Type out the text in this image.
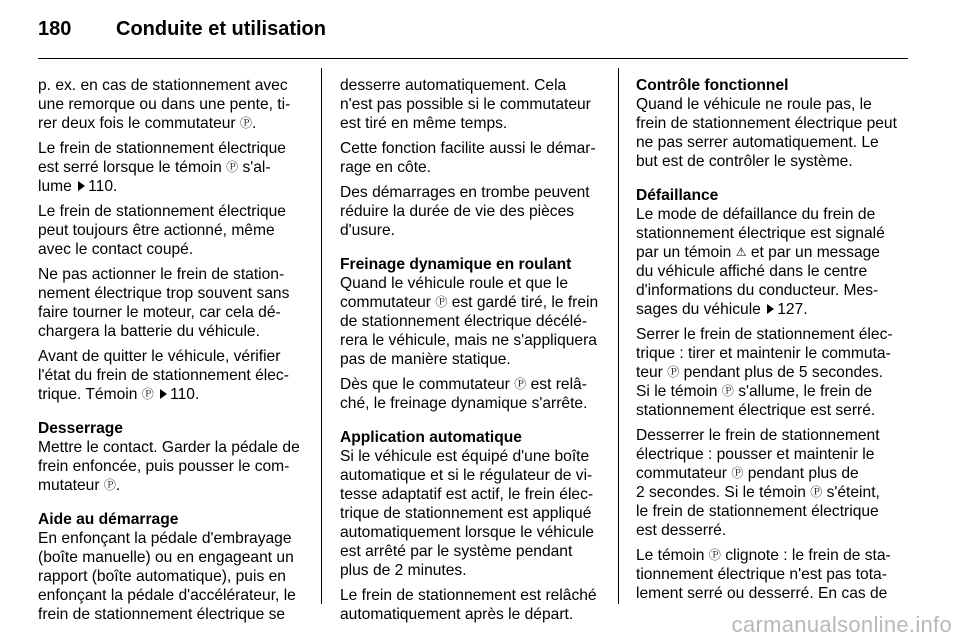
180	Conduite et utilisation
p. ex. en cas de stationnement avec
une remorque ou dans une pente, ti-
rer deux fois le commutateur Ⓟ.
Le frein de stationnement électrique
est serré lorsque le témoin Ⓟ s'al-
lume 110.
Le frein de stationnement électrique
peut toujours être actionné, même
avec le contact coupé.
Ne pas actionner le frein de station-
nement électrique trop souvent sans
faire tourner le moteur, car cela dé-
chargera la batterie du véhicule.
Avant de quitter le véhicule, vérifier
l'état du frein de stationnement élec-
trique. Témoin Ⓟ 110.
Desserrage
Mettre le contact. Garder la pédale de
frein enfoncée, puis pousser le com-
mutateur Ⓟ.
Aide au démarrage
En enfonçant la pédale d'embrayage
(boîte manuelle) ou en engageant un
rapport (boîte automatique), puis en
enfonçant la pédale d'accélérateur, le
frein de stationnement électrique se
desserre automatiquement. Cela
n'est pas possible si le commutateur
est tiré en même temps.
Cette fonction facilite aussi le démar-
rage en côte.
Des démarrages en trombe peuvent
réduire la durée de vie des pièces
d'usure.
Freinage dynamique en roulant
Quand le véhicule roule et que le
commutateur Ⓟ est gardé tiré, le frein
de stationnement électrique décélé-
rera le véhicule, mais ne s'appliquera
pas de manière statique.
Dès que le commutateur Ⓟ est relâ-
ché, le freinage dynamique s'arrête.
Application automatique
Si le véhicule est équipé d'une boîte
automatique et si le régulateur de vi-
tesse adaptatif est actif, le frein élec-
trique de stationnement est appliqué
automatiquement lorsque le véhicule
est arrêté par le système pendant
plus de 2 minutes.
Le frein de stationnement est relâché
automatiquement après le départ.
Contrôle fonctionnel
Quand le véhicule ne roule pas, le
frein de stationnement électrique peut
ne pas serrer automatiquement. Le
but est de contrôler le système.
Défaillance
Le mode de défaillance du frein de
stationnement électrique est signalé
par un témoin ⚠ et par un message
du véhicule affiché dans le centre
d'informations du conducteur. Mes-
sages du véhicule 127.
Serrer le frein de stationnement élec-
trique : tirer et maintenir le commuta-
teur Ⓟ pendant plus de 5 secondes.
Si le témoin Ⓟ s'allume, le frein de
stationnement électrique est serré.
Desserrer le frein de stationnement
électrique : pousser et maintenir le
commutateur Ⓟ pendant plus de
2 secondes. Si le témoin Ⓟ s'éteint,
le frein de stationnement électrique
est desserré.
Le témoin Ⓟ clignote : le frein de sta-
tionnement électrique n'est pas tota-
lement serré ou desserré. En cas de
carmanualsonline.info
